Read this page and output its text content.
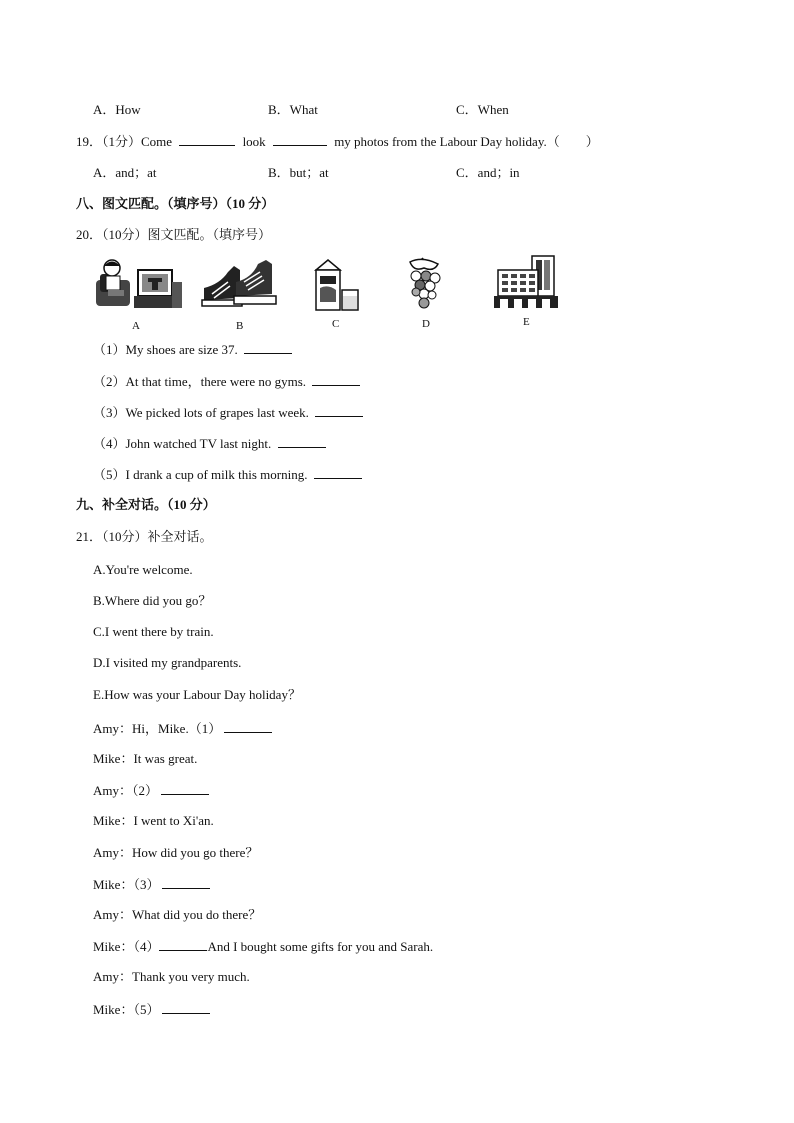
A．How	B．What	C．When
19．（1分）Come	look	my photos from the Labour Day holiday.（　　）
A．and；at	B．but；at	C．and；in
八、图文匹配。（填序号）（10 分）
20．（10分）图文匹配。（填序号）
A	B	C	D	E
（1）My shoes are size 37.
（2）At that time，there were no gyms.
（3）We picked lots of grapes last week.
（4）John watched TV last night.
（5）I drank a cup of milk this morning.
九、补全对话。（10 分）
21．（10分）补全对话。
A.You're welcome.
B.Where did you go？
C.I went there by train.
D.I visited my grandparents.
E.How was your Labour Day holiday？
Amy：Hi，Mike.（1）
Mike：It was great.
Amy：（2）
Mike：I went to Xi'an.
Amy：How did you go there？
Mike：（3）
Amy：What did you do there？
Mike：（4）	And I bought some gifts for you and Sarah.
Amy：Thank you very much.
Mike：（5）
